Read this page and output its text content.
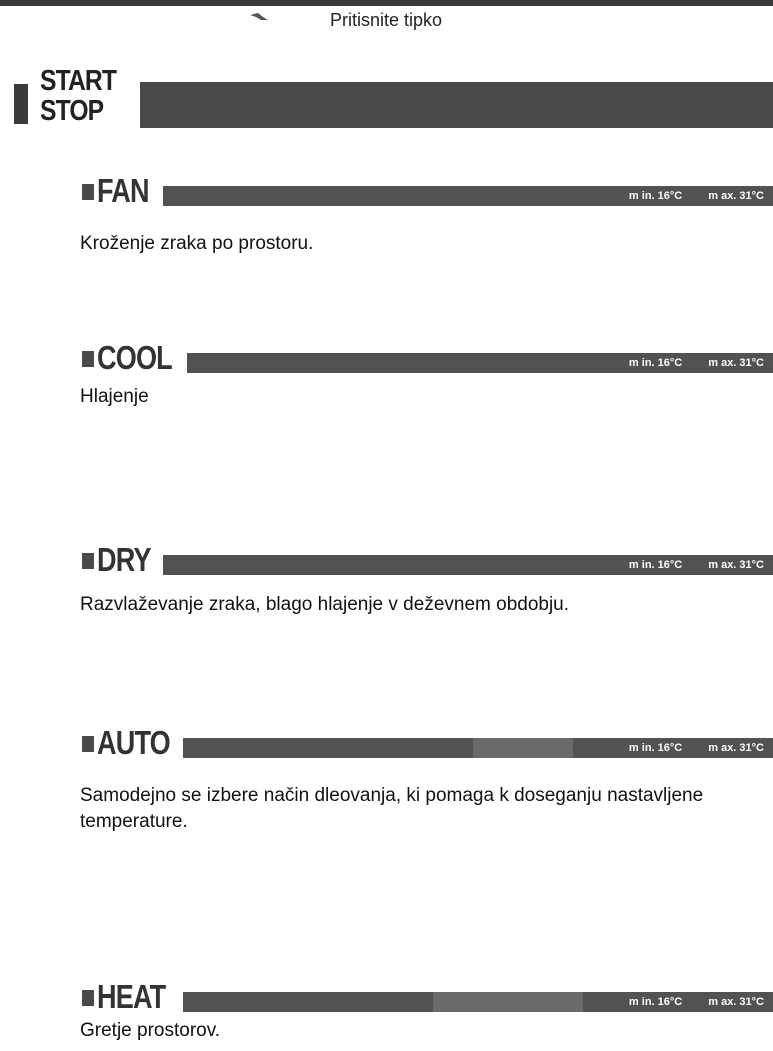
Pritisnite tipko
START
STOP
FAN	m in. 16°C m ax. 31°C
Kroženje zraka po prostoru.
COOL	m in. 16°C m ax. 31°C
Hlajenje
DRY	m in. 16°C m ax. 31°C
Razvlaževanje zraka, blago hlajenje v deževnem obdobju.
AUTO	m in. 16°C m ax. 31°C
Samodejno se izbere način dleovanja, ki pomaga k doseganju nastavljene temperature.
HEAT	m in. 16°C m ax. 31°C
Gretje prostorov.
